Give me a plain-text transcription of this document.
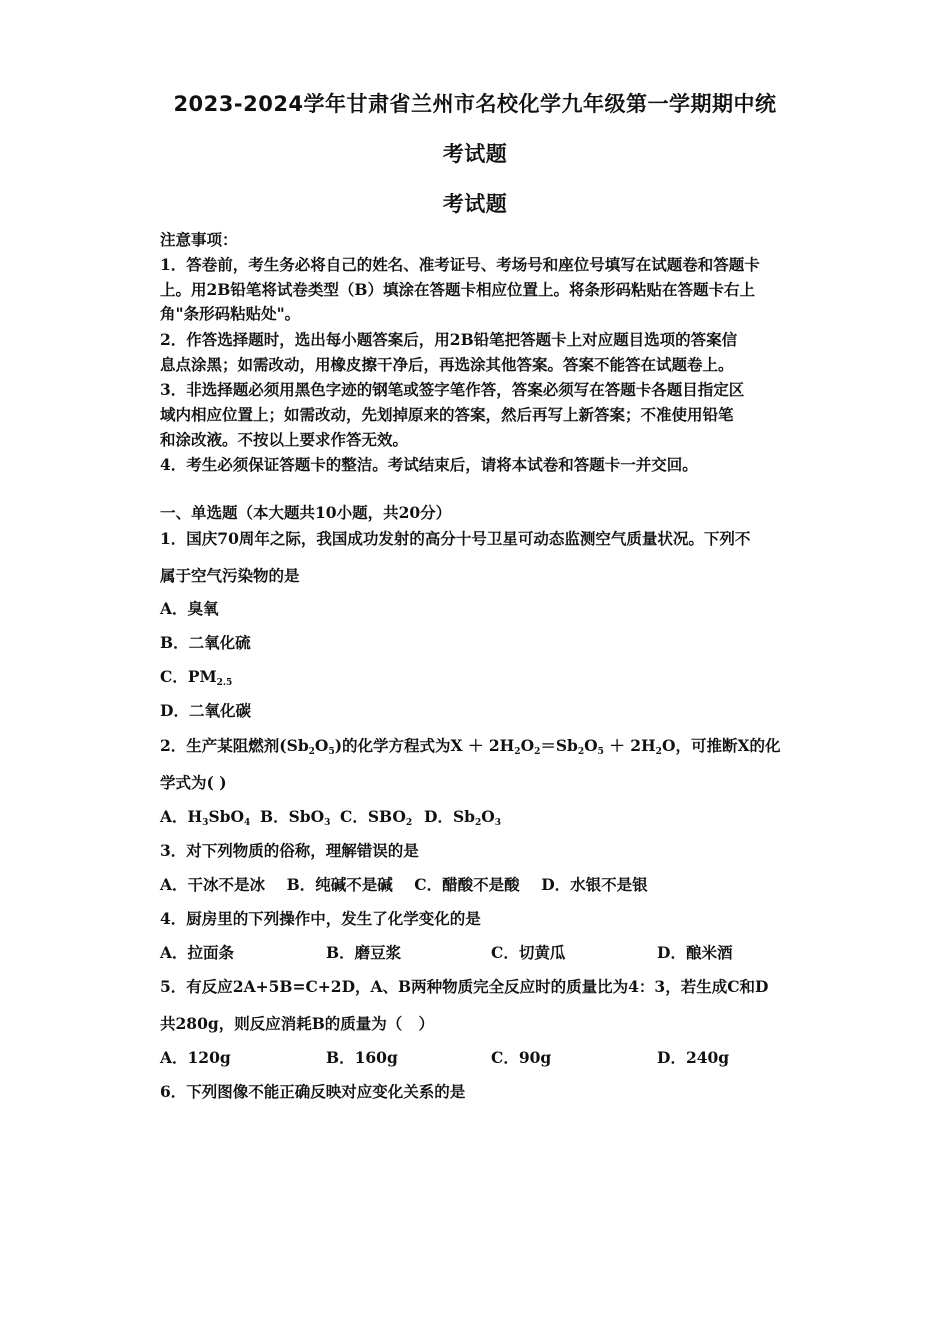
2023-2024学年甘肃省兰州市名校化学九年级第一学期期中统
考试题
考试题
注意事项：
1．答卷前，考生务必将自己的姓名、准考证号、考场号和座位号填写在试题卷和答题卡
上。用2B铅笔将试卷类型（B）填涂在答题卡相应位置上。将条形码粘贴在答题卡右上
角"条形码粘贴处"。
2．作答选择题时，选出每小题答案后，用2B铅笔把答题卡上对应题目选项的答案信
息点涂黑；如需改动，用橡皮擦干净后，再选涂其他答案。答案不能答在试题卷上。
3．非选择题必须用黑色字迹的钢笔或签字笔作答，答案必须写在答题卡各题目指定区
域内相应位置上；如需改动，先划掉原来的答案，然后再写上新答案；不准使用铅笔
和涂改液。不按以上要求作答无效。
4．考生必须保证答题卡的整洁。考试结束后，请将本试卷和答题卡一并交回。
一、单选题（本大题共10小题，共20分）
1．国庆70周年之际，我国成功发射的高分十号卫星可动态监测空气质量状况。下列不
属于空气污染物的是
A．臭氧
B．二氧化硫
C．$PM_{2.5}$
D．二氧化碳
2．生产某阻燃剂$(Sb_2O_5)$的化学方程式为$X + 2H_2O_2=Sb_2O_5 + 2H_2O$，可推断X的化
学式为( )
A．$H_3SbO_4$ B．SbO$_3$ C．$SBO_2$ D．$Sb_2O_3$
3．对下列物质的俗称，理解错误的是
A．干冰不是冰    B．纯碱不是碱    C．醋酸不是酸    D．水银不是银
4．厨房里的下列操作中，发生了化学变化的是
A．拉面条	B．磨豆浆	C．切黄瓜	D．酿米酒
5．有反应2A+5B=C+2D，A、B两种物质完全反应时的质量比为4：3，若生成C和D
共280g，则反应消耗B的质量为（   ）
A．120g	B．160g	C．90g	D．240g
6．下列图像不能正确反映对应变化关系的是
